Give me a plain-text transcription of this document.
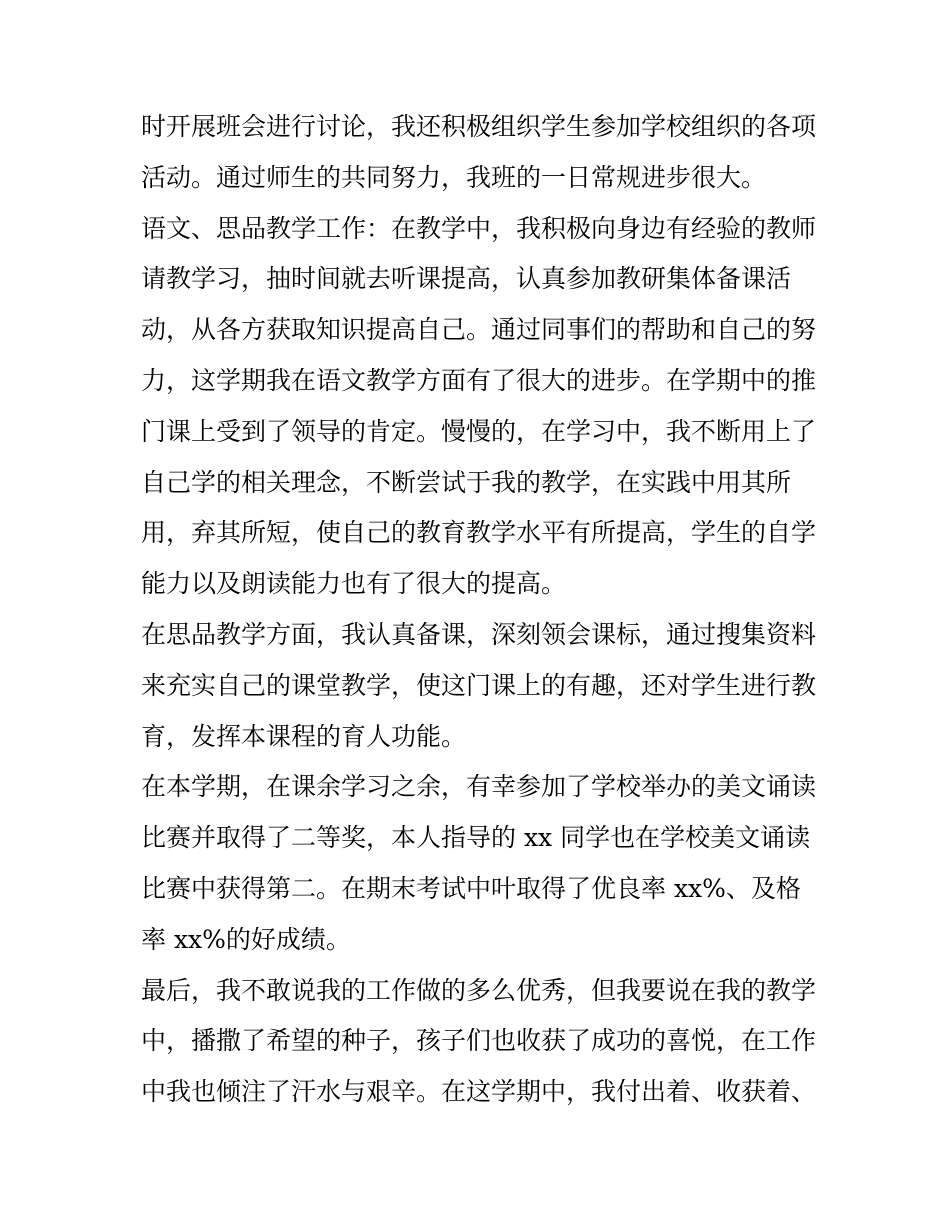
时开展班会进行讨论，我还积极组织学生参加学校组织的各项
活动。通过师生的共同努力，我班的一日常规进步很大。
语文、思品教学工作：在教学中，我积极向身边有经验的教师
请教学习，抽时间就去听课提高，认真参加教研集体备课活
动，从各方获取知识提高自己。通过同事们的帮助和自己的努
力，这学期我在语文教学方面有了很大的进步。在学期中的推
门课上受到了领导的肯定。慢慢的，在学习中，我不断用上了
自己学的相关理念，不断尝试于我的教学，在实践中用其所
用，弃其所短，使自己的教育教学水平有所提高，学生的自学
能力以及朗读能力也有了很大的提高。
在思品教学方面，我认真备课，深刻领会课标，通过搜集资料
来充实自己的课堂教学，使这门课上的有趣，还对学生进行教
育，发挥本课程的育人功能。
在本学期，在课余学习之余，有幸参加了学校举办的美文诵读
比赛并取得了二等奖，本人指导的 xx 同学也在学校美文诵读
比赛中获得第二。在期末考试中叶取得了优良率 xx%、及格
率 xx%的好成绩。
最后，我不敢说我的工作做的多么优秀，但我要说在我的教学
中，播撒了希望的种子，孩子们也收获了成功的喜悦，在工作
中我也倾注了汗水与艰辛。在这学期中，我付出着、收获着、
